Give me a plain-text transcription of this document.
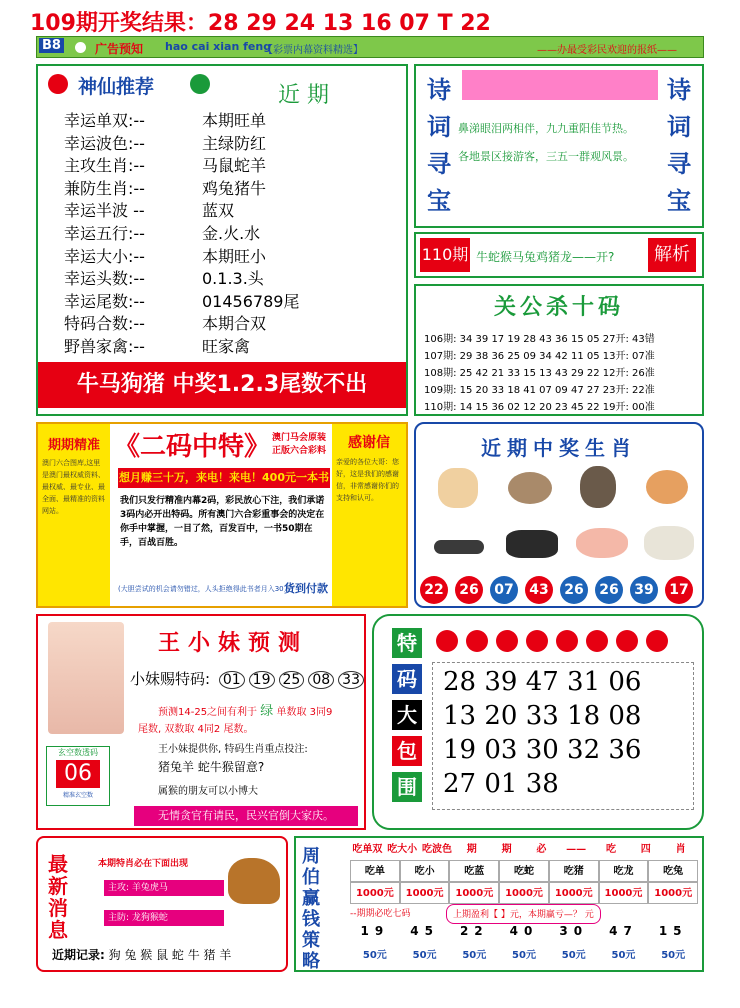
109期开奖结果：28 29 24 13 16 07 T 22
B8	广告预知 hao cai xian feng
【彩票内幕资料精选】	——办最受彩民欢迎的报纸——
神仙推荐	近 期
幸运单双:--	本期旺单
幸运波色:--	主绿防红
主攻生肖:--	马鼠蛇羊
兼防生肖:--	鸡兔猪牛
幸运半波 --	蓝双
幸运五行:--	金.火.水
幸运大小:--	本期旺小
幸运头数:--	0.1.3.头
幸运尾数:--	01456789尾
特码合数:--	本期合双
野兽家禽:--	旺家禽
牛马狗猪 中奖1.2.3尾数不出
诗
词
寻
宝
鼻涕眼泪两相伴，九九重阳佳节热。
各地景区接游客，三五一群观风景。
诗
词
寻
宝
110期 牛蛇猴马兔鸡猪龙——开?	解析
关公杀十码
106期: 34 39 17 19 28 43 36 15 05 27开: 43错
107期: 29 38 36 25 09 34 42 11 05 13开: 07准
108期: 25 42 21 33 15 13 43 29 22 12开: 26准
109期: 15 20 33 18 41 07 09 47 27 23开: 22准
110期: 14 15 36 02 12 20 23 45 22 19开: 00准
期期精准
澳门六合图库,这里是澳门最权威资料、最权威、最专业、最全面、最精准的资料网站。
《二码中特》 澳门马会原装 正版六合彩料
想月赚三十万，来电！来电！400元一本书
我们只发行精准内幕2码，彩民放心下注，我们承诺3码内必开出特码。所有澳门六合彩重事会的决定在你手中掌握，一目了然，百发百中，一书50期在手，百战百胜。
(大胆尝试的机会请勿错过，人头拒绝得此书者月入30万)
货到付款
感谢信
亲爱的各位大哥：您好，这是我们的感谢信，非常感谢你们的支持和认可。
近期中奖生肖
22 26 07 43 26 26 39 17
王小妹预测
小妹赐特码: 01 19 25 08 33
预测14-25之间有利于 绿 单数取 3同9
尾数, 双数取 4同2 尾数。
王小妹提供你, 特码生肖重点投注:
猪兔羊 蛇牛猴留意?
属猴的朋友可以小博大
玄空数透码
06
精准玄空数
无情贪官有请民，民兴官倒大家庆。
特
码
大
包
围
28 39 47 31 06
13 20 33 18 08
19 03 30 32 36
27 01 38
最
新
消
息
本期特肖必在下面出现
主攻: 羊兔虎马
主防: 龙狗猴蛇
近期记录: 狗 兔 猴 鼠 蛇 牛 猪 羊
周
伯
赢
钱
策
略
吃单双 吃大小 吃波色	期	期	必	——	吃	四	肖
吃单	吃小	吃蓝	吃蛇	吃猪	吃龙	吃兔
1000元	1000元	1000元	1000元	1000元	1000元	1000元
--期期必吃七码	上期盈利【 】元，本期赢亏—？ 元
19	45	22	40	30	47	15
50元	50元	50元	50元	50元	50元	50元
